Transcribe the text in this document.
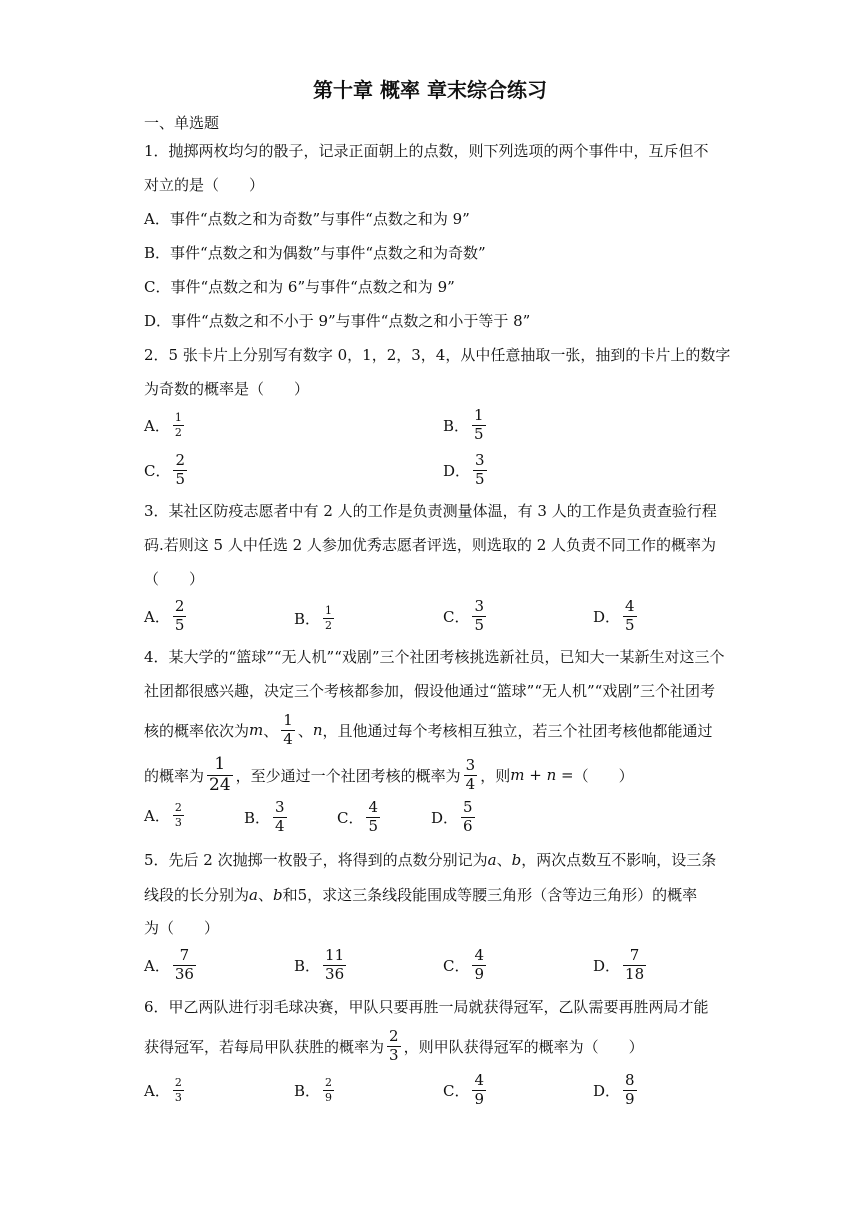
第十章 概率 章末综合练习
一、单选题
1．抛掷两枚均匀的骰子，记录正面朝上的点数，则下列选项的两个事件中，互斥但不
对立的是（　　）
A．事件“点数之和为奇数”与事件“点数之和为 9”
B．事件“点数之和为偶数”与事件“点数之和为奇数”
C．事件“点数之和为 6”与事件“点数之和为 9”
D．事件“点数之和不小于 9”与事件“点数之和小于等于 8”
2．5 张卡片上分别写有数字 0，1，2，3，4，从中任意抽取一张，抽到的卡片上的数字
为奇数的概率是（　　）
A． $\frac{1}{2}$	B． $\frac{1}{5}$
C． $\frac{2}{5}$	D． $\frac{3}{5}$
3．某社区防疫志愿者中有 2 人的工作是负责测量体温，有 3 人的工作是负责查验行程
码.若则这 5 人中任选 2 人参加优秀志愿者评选，则选取的 2 人负责不同工作的概率为
（　　）
A． $\frac{2}{5}$	B． $\frac{1}{2}$	C． $\frac{3}{5}$	D． $\frac{4}{5}$
4．某大学的“篮球”“无人机”“戏剧”三个社团考核挑选新社员，已知大一某新生对这三个
社团都很感兴趣，决定三个考核都参加，假设他通过“篮球”“无人机”“戏剧”三个社团考
核的概率依次为 m 、 $\frac{1}{4}$ 、 n ，且他通过每个考核相互独立，若三个社团考核他都能通过
的概率为 $\frac{1}{24}$ ，至少通过一个社团考核的概率为 $\frac{3}{4}$ ，则 m + n = （　　）
A． $\frac{2}{3}$	B． $\frac{3}{4}$	C． $\frac{4}{5}$	D． $\frac{5}{6}$
5．先后 2 次抛掷一枚骰子，将得到的点数分别记为 a 、 b ，两次点数互不影响，设三条
线段的长分别为 a 、 b 和 5 ，求这三条线段能围成等腰三角形（含等边三角形）的概率
为（　　）
A． $\frac{7}{36}$	B． $\frac{11}{36}$	C． $\frac{4}{9}$	D． $\frac{7}{18}$
6．甲乙两队进行羽毛球决赛，甲队只要再胜一局就获得冠军，乙队需要再胜两局才能
获得冠军，若每局甲队获胜的概率为 $\frac{2}{3}$ ，则甲队获得冠军的概率为（　　）
A． $\frac{2}{3}$	B． $\frac{2}{9}$	C． $\frac{4}{9}$	D． $\frac{8}{9}$
